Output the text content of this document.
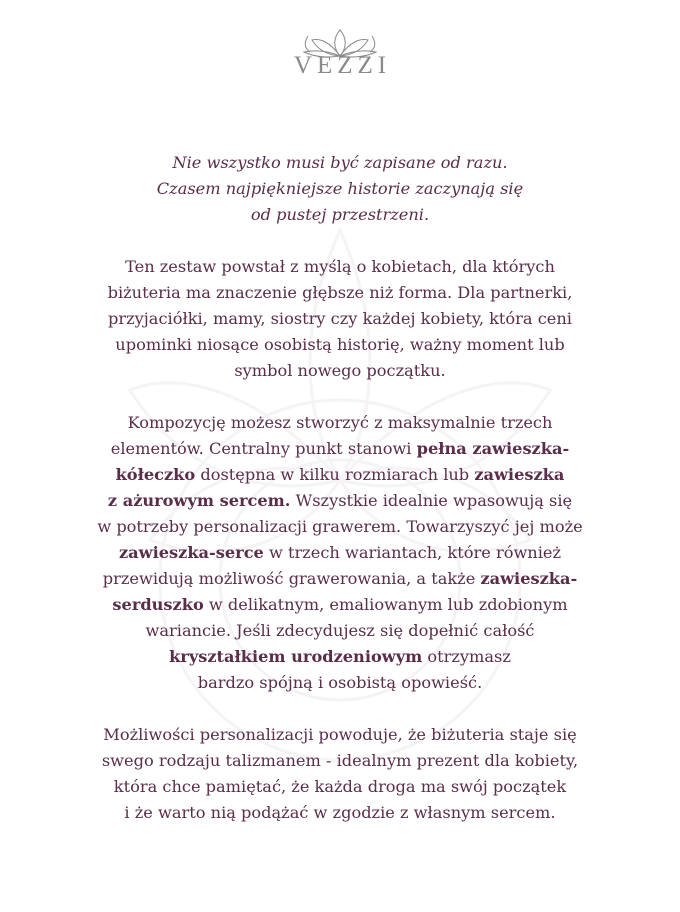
VEZZI
Nie wszystko musi być zapisane od razu.
Czasem najpiękniejsze historie zaczynają się
od pustej przestrzeni.
Ten zestaw powstał z myślą o kobietach, dla których
biżuteria ma znaczenie głębsze niż forma. Dla partnerki,
przyjaciółki, mamy, siostry czy każdej kobiety, która ceni
upominki niosące osobistą historię, ważny moment lub
symbol nowego początku.
Kompozycję możesz stworzyć z maksymalnie trzech
elementów. Centralny punkt stanowi pełna zawieszka-
kółeczko dostępna w kilku rozmiarach lub zawieszka
z ażurowym sercem. Wszystkie idealnie wpasowują się
w potrzeby personalizacji grawerem. Towarzyszyć jej może
zawieszka-serce w trzech wariantach, które również
przewidują możliwość grawerowania, a także zawieszka-
serduszko w delikatnym, emaliowanym lub zdobionym
wariancie. Jeśli zdecydujesz się dopełnić całość
kryształkiem urodzeniowym otrzymasz
bardzo spójną i osobistą opowieść.
Możliwości personalizacji powoduje, że biżuteria staje się
swego rodzaju talizmanem - idealnym prezent dla kobiety,
która chce pamiętać, że każda droga ma swój początek
i że warto nią podążać w zgodzie z własnym sercem.
